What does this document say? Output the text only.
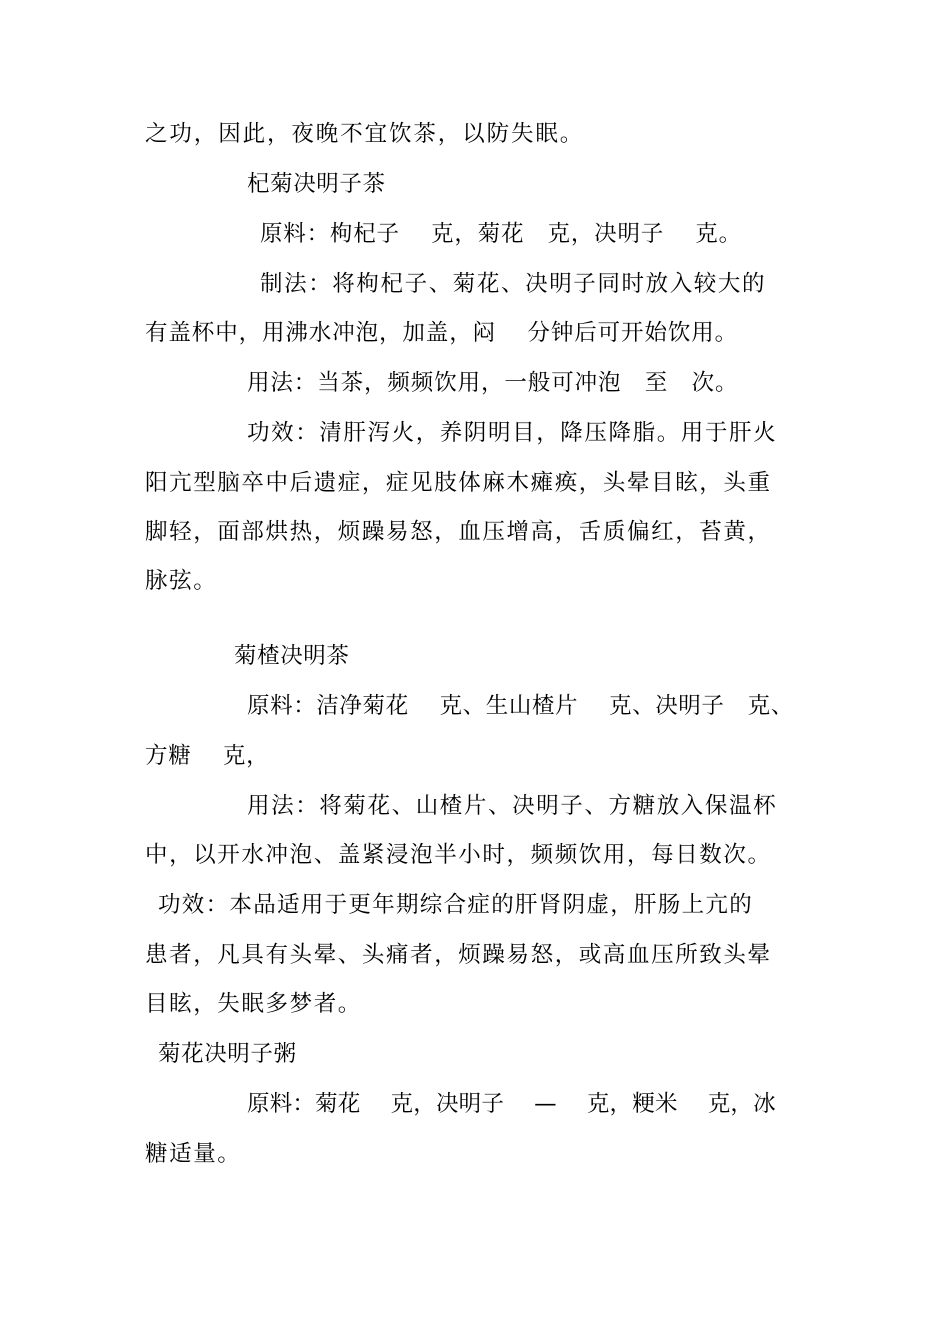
之功，因此，夜晚不宜饮茶，以防失眠。
杞菊决明子茶
原料：枸杞子　 克，菊花　克，决明子　 克。
制法：将枸杞子、菊花、决明子同时放入较大的
有盖杯中，用沸水冲泡，加盖，闷　 分钟后可开始饮用。
用法：当茶，频频饮用，一般可冲泡　至　次。
功效：清肝泻火，养阴明目，降压降脂。用于肝火
阳亢型脑卒中后遗症，症见肢体麻木瘫痪，头晕目眩，头重
脚轻，面部烘热，烦躁易怒，血压增高，舌质偏红，苔黄，
脉弦。
菊楂决明茶
原料：洁净菊花　 克、生山楂片　 克、决明子　克、
方糖　 克，
用法：将菊花、山楂片、决明子、方糖放入保温杯
中，以开水冲泡、盖紧浸泡半小时，频频饮用，每日数次。
功效：本品适用于更年期综合症的肝肾阴虚，肝肠上亢的
患者，凡具有头晕、头痛者，烦躁易怒，或高血压所致头晕
目眩，失眠多梦者。
菊花决明子粥
原料：菊花　 克，决明子　 —　 克，粳米　 克，冰
糖适量。
